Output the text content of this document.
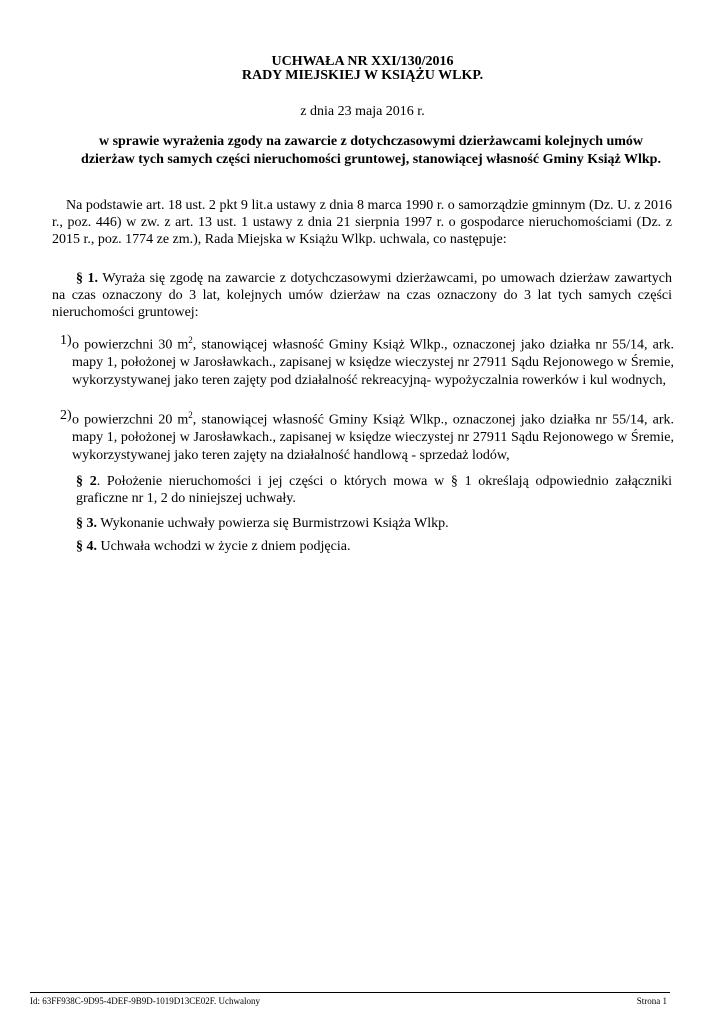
UCHWAŁA NR XXI/130/2016
RADY MIEJSKIEJ W KSIĄŻU WLKP.
z dnia 23 maja 2016 r.
w sprawie wyrażenia zgody na zawarcie z dotychczasowymi dzierżawcami kolejnych umów
dzierżaw tych samych części nieruchomości gruntowej, stanowiącej własność Gminy Książ Wlkp.
Na podstawie art. 18 ust. 2 pkt 9 lit.a ustawy z dnia 8 marca 1990 r. o samorządzie gminnym (Dz. U. z 2016 r., poz. 446) w zw. z art. 13 ust. 1 ustawy z dnia 21 sierpnia 1997 r. o gospodarce nieruchomościami (Dz. z 2015 r., poz. 1774 ze zm.), Rada Miejska w Książu Wlkp. uchwala, co następuje:
§ 1. Wyraża się zgodę na zawarcie z dotychczasowymi dzierżawcami, po umowach dzierżaw zawartych na czas oznaczony do 3 lat, kolejnych umów dzierżaw na czas oznaczony do 3 lat tych samych części nieruchomości gruntowej:
1) o powierzchni 30 $m^2$, stanowiącej własność Gminy Książ Wlkp., oznaczonej jako działka nr 55/14, ark. mapy 1, położonej w Jarosławkach., zapisanej w księdze wieczystej nr 27911 Sądu Rejonowego w Śremie, wykorzystywanej jako teren zajęty pod działalność rekreacyjną- wypożyczalnia rowerków i kul wodnych,
2) o powierzchni 20 $m^2$, stanowiącej własność Gminy Książ Wlkp., oznaczonej jako działka nr 55/14, ark. mapy 1, położonej w Jarosławkach., zapisanej w księdze wieczystej nr 27911 Sądu Rejonowego w Śremie, wykorzystywanej jako teren zajęty na działalność handlową - sprzedaż lodów,
§ 2. Położenie nieruchomości i jej części o których mowa w § 1 określają odpowiednio załączniki graficzne nr 1, 2 do niniejszej uchwały.
§ 3. Wykonanie uchwały powierza się Burmistrzowi Książa Wlkp.
§ 4. Uchwała wchodzi w życie z dniem podjęcia.
Id: 63FF938C-9D95-4DEF-9B9D-1019D13CE02F. Uchwalony	Strona 1
